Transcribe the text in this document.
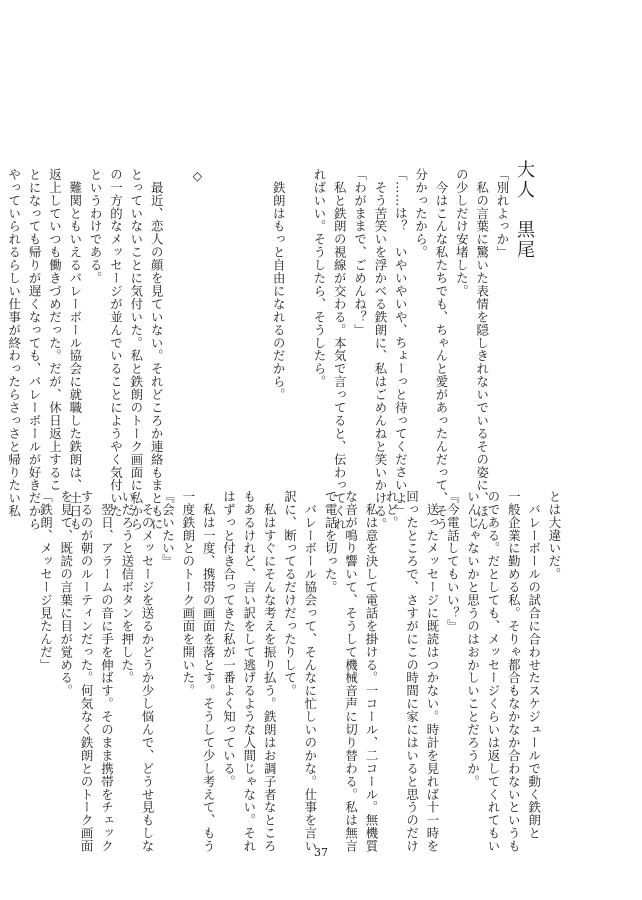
大人　黒尾
「別れよっか」
　私の言葉に驚いた表情を隠しきれないでいるその姿に、ほん
の少しだけ安堵した。
　今はこんな私たちでも、ちゃんと愛があったんだって、そう
分かったから。
「……は？　いやいやいや、ちょーっと待ってくださいよ」
　そう苦笑いを浮かべる鉄朗に、私はごめんねと笑いかける。
「わがままで、ごめんね？」
　私と鉄朗の視線が交わる。本気で言ってると、伝わってくれ
ればいい。そうしたら、そうしたら。

　鉄朗はもっと自由になれるのだから。

◇

　最近、恋人の顔を見ていない。それどころか連絡もまともに
とっていないことに気付いた。私と鉄朗のトーク画面に私から
の一方的なメッセージが並んでいることにようやく気付いた
というわけである。
　難関ともいえるバレーボール協会に就職した鉄朗は、土日も
返上していつも働きづめだった。だが、休日返上するこ
とになっても帰りが遅くなっても、バレーボールが好きだから
やっていられるらしい仕事が終わったらさっさと帰りたい私
とは大違いだ。
　バレーボールの試合に合わせたスケジュールで動く鉄朗と
一般企業に勤める私。そりゃ都合もなかなか合わないというも
のである。だとしても、メッセージくらいは返してくれてもい
いんじゃないかと思うのはおかしいことだろうか。
『今電話してもいい？』
　送ったメッセージに既読はつかない。時計を見れば十一時を
回ったところで、さすがにこの時間に家にはいると思うのだけ
れど。
　私は意を決して電話を掛ける。一コール、二コール。無機質
な音が鳴り響いて、そうして機械音声に切り替わる。私は無言
で電話を切った。
　バレーボール協会って、そんなに忙しいのかな。仕事を言い
訳に、断ってるだけだったりして。
　私はすぐにそんな考えを振り払う。鉄朗はお調子者なところ
もあるけれど、言い訳をして逃げるような人間じゃない。それ
はずっと付き合ってきた私が一番よく知っている。
　私は一度、携帯の画面を落とす。そうして少し考えて、もう
一度鉄朗とのトーク画面を開いた。
『会いたい』
　そのメッセージを送るかどうか少し悩んで、どうせ見もしな
いだろうと送信ボタンを押した。
　翌日、アラームの音に手を伸ばす。そのまま携帯をチェック
するのが朝のルーティンだった。何気なく鉄朗とのトーク画面
を見て、既読の言葉に目が覚める。
「鉄朗、メッセージ見たんだ」
37
